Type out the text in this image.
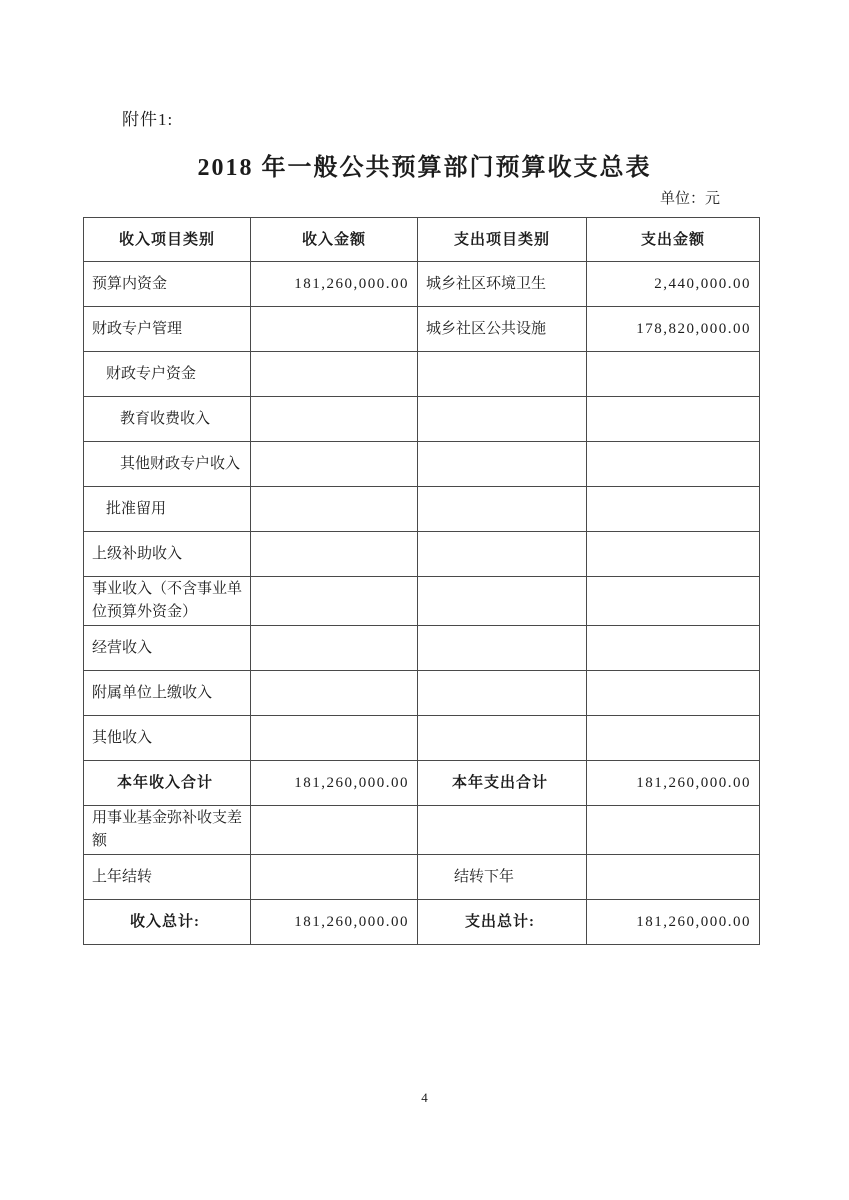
附件1:
2018 年一般公共预算部门预算收支总表
单位：元
收入项目类别	收入金额	支出项目类别	支出金额
预算内资金	181,260,000.00	城乡社区环境卫生	2,440,000.00
财政专户管理		城乡社区公共设施	178,820,000.00
财政专户资金			
教育收费收入			
其他财政专户收入			
批准留用			
上级补助收入			
事业收入（不含事业单位预算外资金）			
经营收入			
附属单位上缴收入			
其他收入			
本年收入合计	181,260,000.00	本年支出合计	181,260,000.00
用事业基金弥补收支差额			
上年结转		结转下年	
收入总计:	181,260,000.00	支出总计:	181,260,000.00
4
